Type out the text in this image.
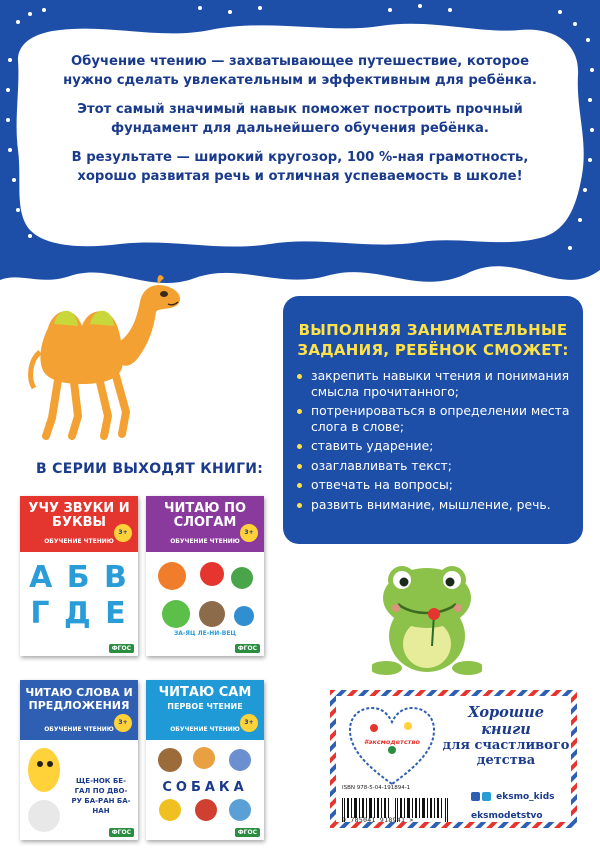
Обучение чтению — захватывающее путешествие, которое нужно сделать увлекательным и эффективным для ребёнка.

Этот самый значимый навык поможет построить прочный фундамент для дальнейшего обучения ребёнка.

В результате — широкий кругозор, 100 %-ная грамотность, хорошо развитая речь и отличная успеваемость в школе!

ВЫПОЛНЯЯ ЗАНИМАТЕЛЬНЫЕ
ЗАДАНИЯ, РЕБЁНОК СМОЖЕТ:
закрепить навыки чтения и понимания смысла прочитанного;
потренироваться в определении места слога в слове;
ставить ударение;
озаглавливать текст;
отвечать на вопросы;
развить внимание, мышление, речь.
В СЕРИИ ВЫХОДЯТ КНИГИ:
УЧУ ЗВУКИ И БУКВЫ
ОБУЧЕНИЕ ЧТЕНИЮ
3+
А Б В Г Д Е
ФГОС
ЧИТАЮ ПО СЛОГАМ
ОБУЧЕНИЕ ЧТЕНИЮ
3+
ЗА-ЯЦ ЛЕ-НИ-ВЕЦ
ФГОС
ЧИТАЮ СЛОВА И ПРЕДЛОЖЕНИЯ
ОБУЧЕНИЕ ЧТЕНИЮ
3+
ЩЕ-НОК БЕ-ГАЛ ПО ДВО-РУ БА-РАН БА-НАН
ФГОС
ЧИТАЮ САМ
ПЕРВОЕ ЧТЕНИЕ
ОБУЧЕНИЕ ЧТЕНИЮ
3+
СОБАКА
ФГОС
#эксмодетство
Хорошие
книги
для счастливого
детства
ISBN 978-5-04-191894-1
9 785041 918941 >
eksmo_kids
eksmodetstvo
